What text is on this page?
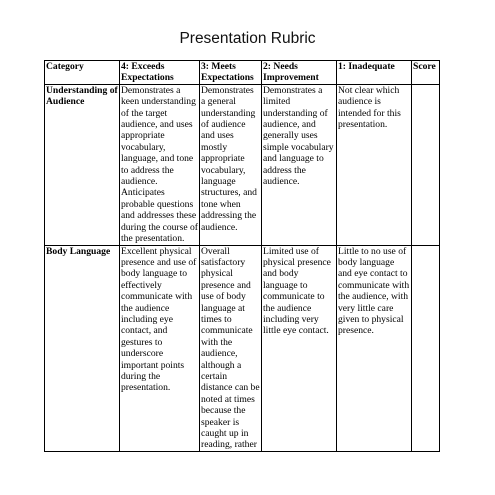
Presentation Rubric
Category	4: Exceeds Expectations	3: Meets Expectations	2: Needs Improvement	1: Inadequate	Score
Understanding of Audience	Demonstrates a keen understanding of the target audience, and uses appropriate vocabulary, language, and tone to address the audience. Anticipates probable questions and addresses these during the course of the presentation.	Demonstrates a general understanding of audience and uses mostly appropriate vocabulary, language structures, and tone when addressing the audience.	Demonstrates a limited understanding of audience, and generally uses simple vocabulary and language to address the audience.	Not clear which audience is intended for this presentation.	
Body Language	Excellent physical presence and use of body language to effectively communicate with the audience including eye contact, and gestures to underscore important points during the presentation.	Overall satisfactory physical presence and use of body language at times to communicate with the audience, although a certain distance can be noted at times because the speaker is caught up in reading, rather	Limited use of physical presence and body language to communicate to the audience including very little eye contact.	Little to no use of body language and eye contact to communicate with the audience, with very little care given to physical presence.	
